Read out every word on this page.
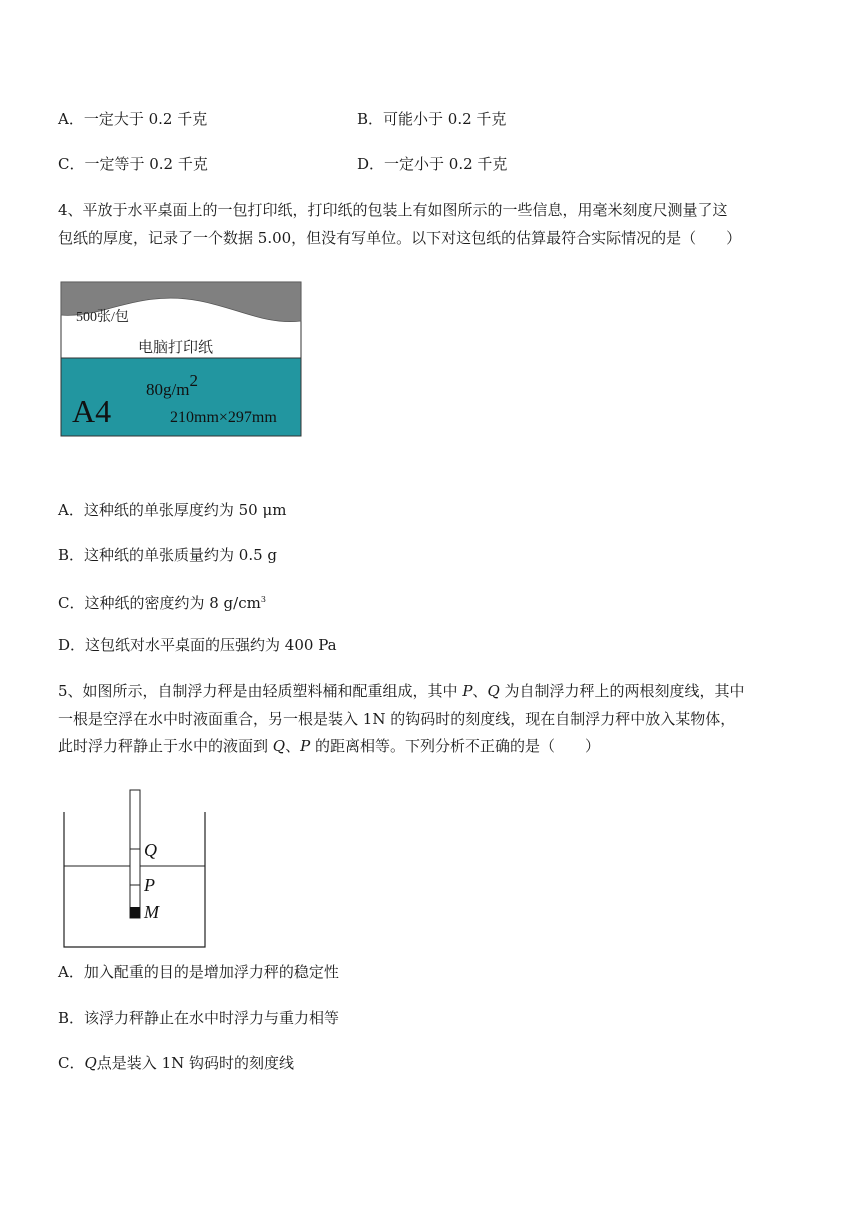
A．一定大于 0.2 千克	B．可能小于 0.2 千克
C．一定等于 0.2 千克	D．一定小于 0.2 千克
4、平放于水平桌面上的一包打印纸，打印纸的包装上有如图所示的一些信息，用毫米刻度尺测量了这
包纸的厚度，记录了一个数据 5.00，但没有写单位。以下对这包纸的估算最符合实际情况的是（　　）
500张/包
电脑打印纸
A4
80g/m2
210mm×297mm
A．这种纸的单张厚度约为 50 μm
B．这种纸的单张质量约为 0.5 g
C．这种纸的密度约为 8 $g/cm^3$
D．这包纸对水平桌面的压强约为 400 Pa
5、如图所示，自制浮力秤是由轻质塑料桶和配重组成，其中 P、Q 为自制浮力秤上的两根刻度线，其中
一根是空浮在水中时液面重合，另一根是装入 1N 的钩码时的刻度线，现在自制浮力秤中放入某物体，
此时浮力秤静止于水中的液面到 Q、P 的距离相等。下列分析不正确的是（　　）
Q
P
M
A．加入配重的目的是增加浮力秤的稳定性
B．该浮力秤静止在水中时浮力与重力相等
C．Q点是装入 1N 钩码时的刻度线
